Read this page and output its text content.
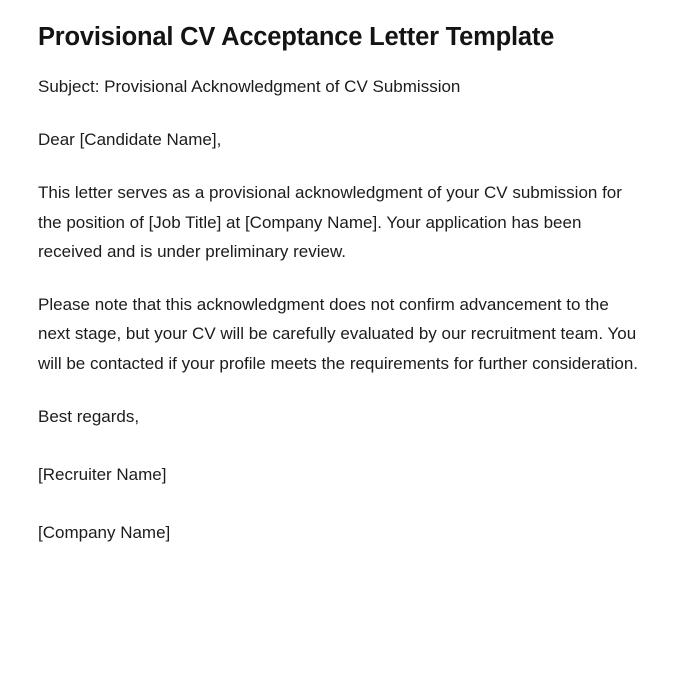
Provisional CV Acceptance Letter Template

Subject: Provisional Acknowledgment of CV Submission

Dear [Candidate Name],

This letter serves as a provisional acknowledgment of your CV submission for the position of [Job Title] at [Company Name]. Your application has been received and is under preliminary review.

Please note that this acknowledgment does not confirm advancement to the next stage, but your CV will be carefully evaluated by our recruitment team. You will be contacted if your profile meets the requirements for further consideration.

Best regards,

[Recruiter Name]

[Company Name]
